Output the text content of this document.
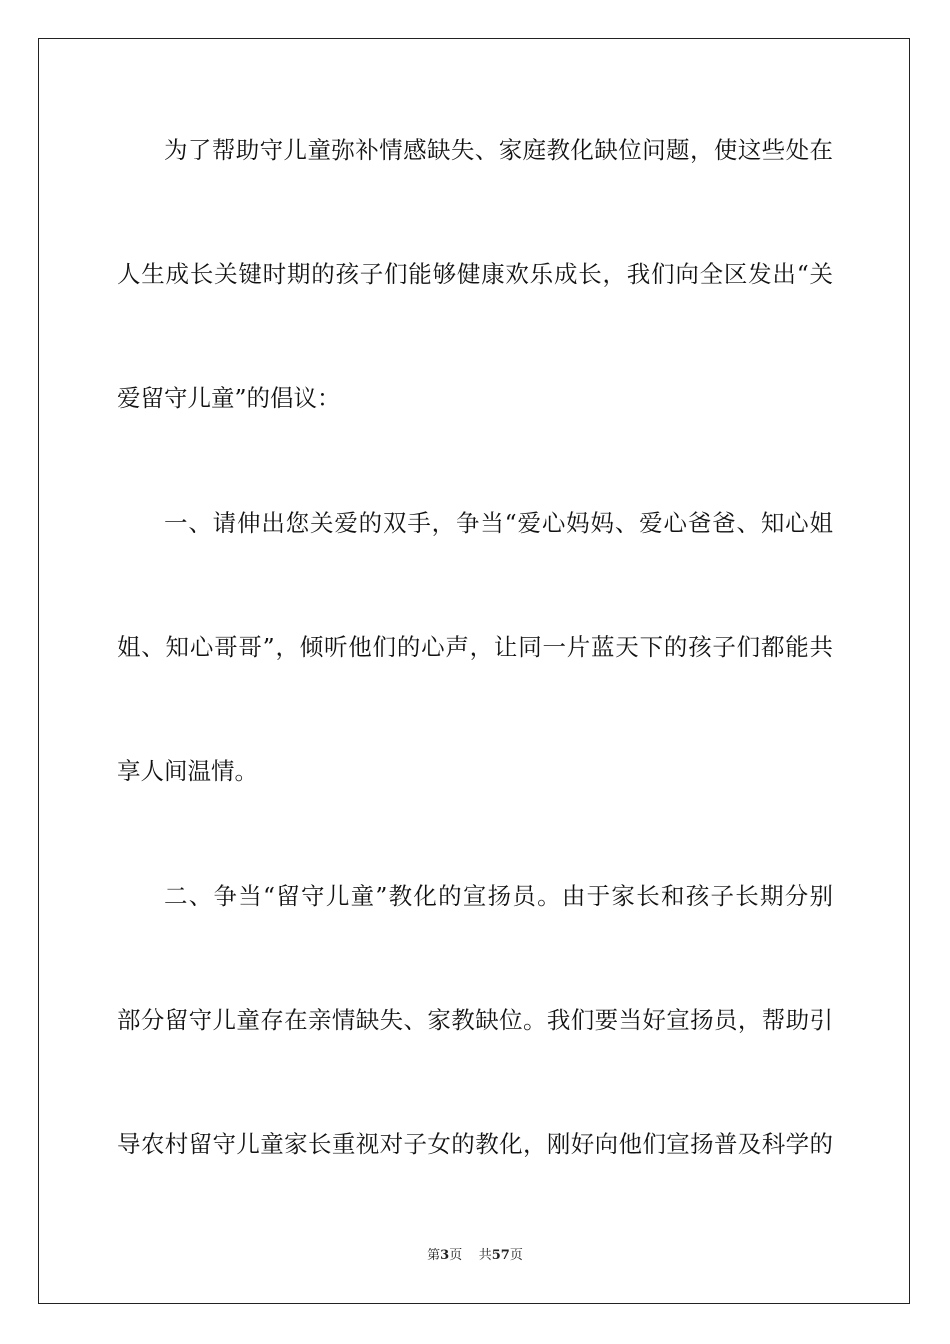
为了帮助守儿童弥补情感缺失、家庭教化缺位问题，使这些处在
人生成长关键时期的孩子们能够健康欢乐成长，我们向全区发出“关
爱留守儿童”的倡议：
一、请伸出您关爱的双手，争当“爱心妈妈、爱心爸爸、知心姐
姐、知心哥哥”，倾听他们的心声，让同一片蓝天下的孩子们都能共
享人间温情。
二、争当“留守儿童”教化的宣扬员。由于家长和孩子长期分别
部分留守儿童存在亲情缺失、家教缺位。我们要当好宣扬员，帮助引
导农村留守儿童家长重视对子女的教化，刚好向他们宣扬普及科学的
第3页 共57页
